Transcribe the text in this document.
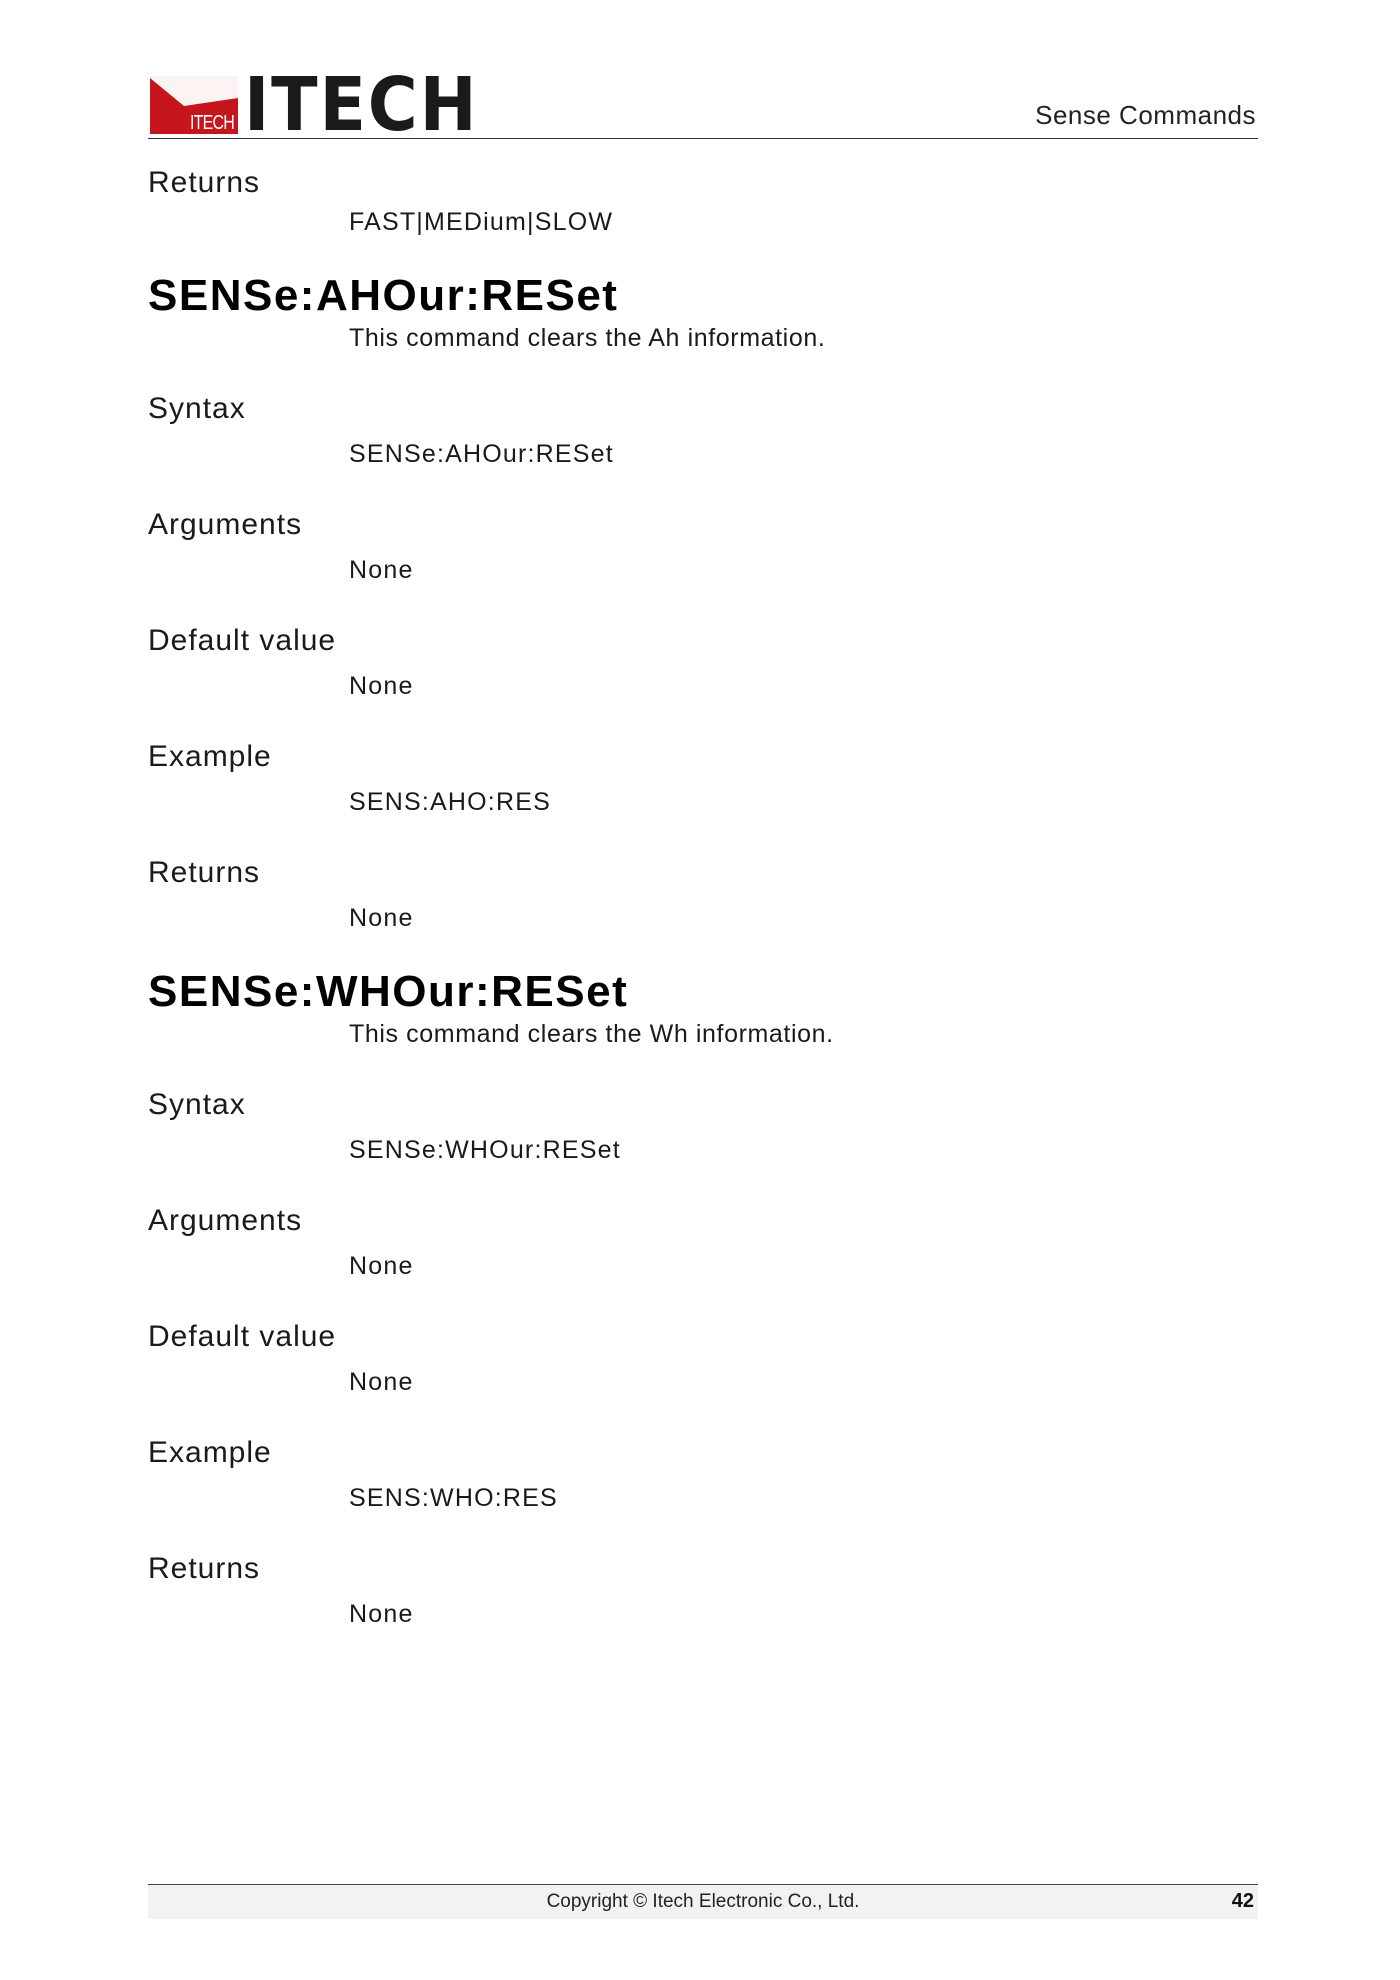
ITECH ITECH	Sense Commands

Returns

FAST|MEDium|SLOW

SENSe:AHOur:RESet

This command clears the Ah information.

Syntax

SENSe:AHOur:RESet

Arguments

None

Default value

None

Example

SENS:AHO:RES

Returns

None

SENSe:WHOur:RESet

This command clears the Wh information.

Syntax

SENSe:WHOur:RESet

Arguments

None

Default value

None

Example

SENS:WHO:RES

Returns

None

Copyright © Itech Electronic Co., Ltd.	42
